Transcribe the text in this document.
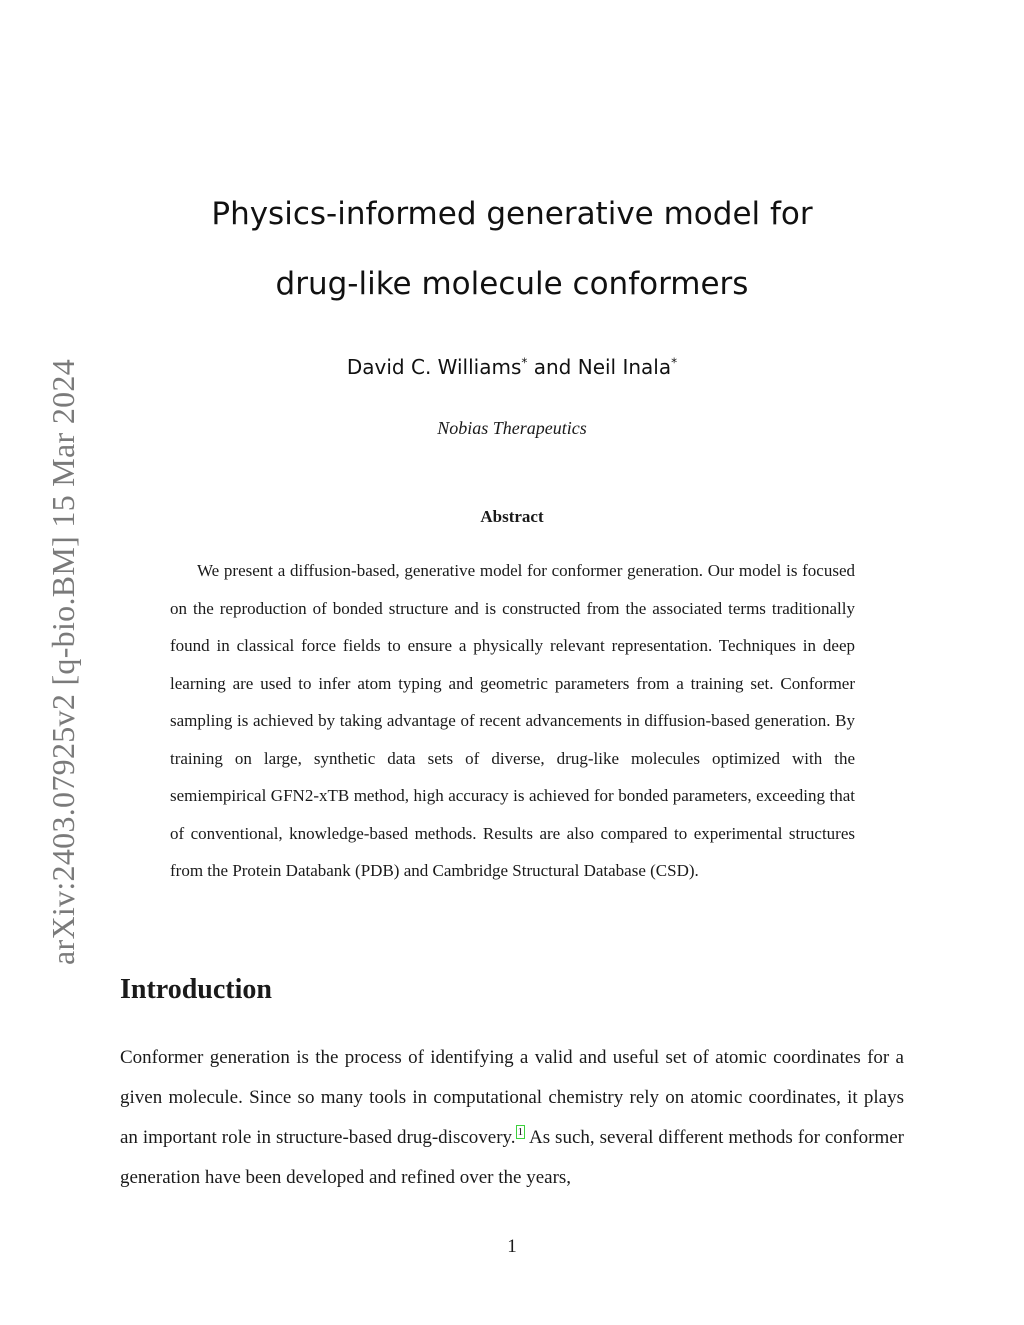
arXiv:2403.07925v2 [q-bio.BM] 15 Mar 2024
Physics-informed generative model for
drug-like molecule conformers
David C. Williams* and Neil Inala*
Nobias Therapeutics
Abstract

We present a diffusion-based, generative model for conformer generation. Our model is focused on the reproduction of bonded structure and is constructed from the associated terms traditionally found in classical force fields to ensure a physically relevant representation. Techniques in deep learning are used to infer atom typing and geometric parameters from a training set. Conformer sampling is achieved by taking advantage of recent advancements in diffusion-based generation. By training on large, synthetic data sets of diverse, drug-like molecules optimized with the semiempirical GFN2-xTB method, high accuracy is achieved for bonded parameters, exceeding that of conventional, knowledge-based methods. Results are also compared to experimental structures from the Protein Databank (PDB) and Cambridge Structural Database (CSD).

Introduction

Conformer generation is the process of identifying a valid and useful set of atomic coordinates for a given molecule. Since so many tools in computational chemistry rely on atomic coordinates, it plays an important role in structure-based drug-discovery. 1 As such, several different methods for conformer generation have been developed and refined over the years,

1
